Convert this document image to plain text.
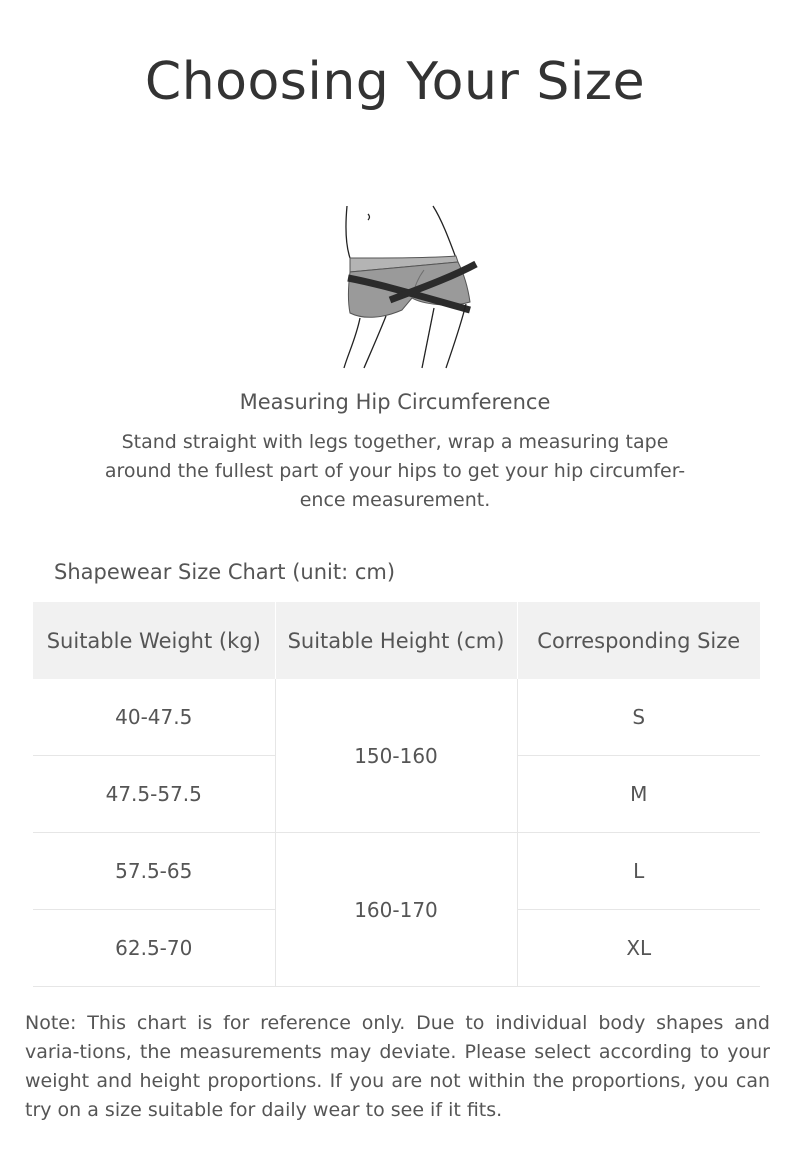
Choosing Your Size
Measuring Hip Circumference
Stand straight with legs together, wrap a measuring tape around the fullest part of your hips to get your hip circumfer-ence measurement.
Shapewear Size Chart (unit: cm)
Suitable Weight (kg)	Suitable Height (cm)	Corresponding Size
40-47.5	150-160	S
47.5-57.5		M
57.5-65	160-170	L
62.5-70		XL
Note: This chart is for reference only. Due to individual body shapes and varia-tions, the measurements may deviate. Please select according to your weight and height proportions. If you are not within the proportions, you can try on a size suitable for daily wear to see if it fits.
